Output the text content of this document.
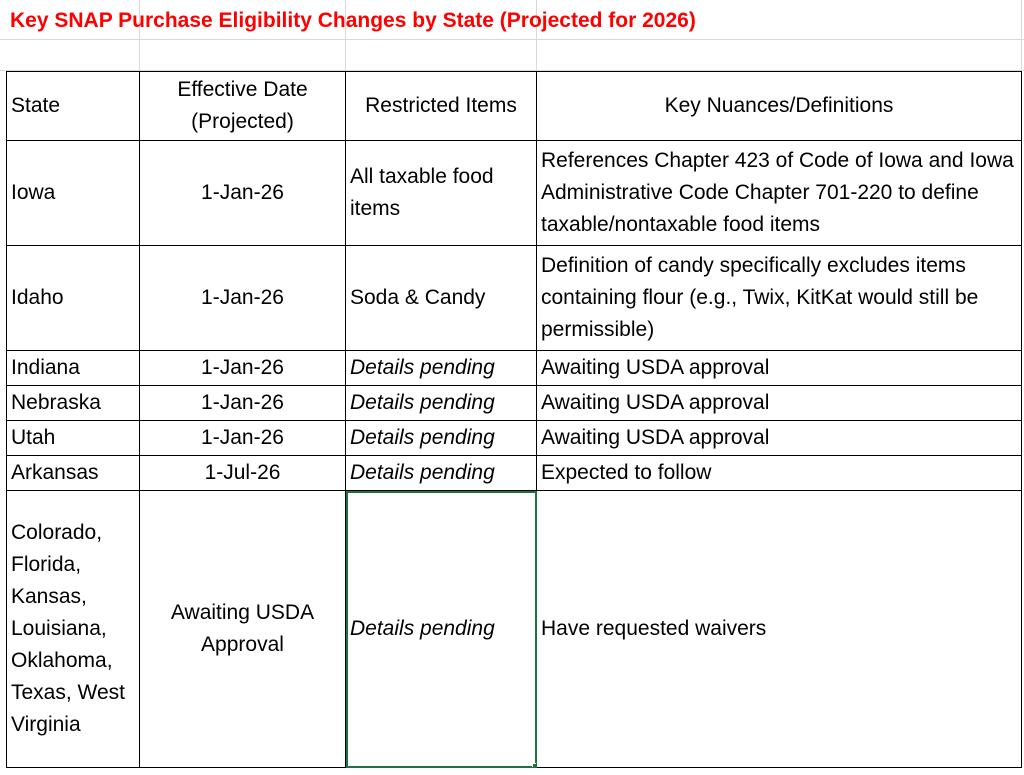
Key SNAP Purchase Eligibility Changes by State (Projected for 2026)
State	Effective Date (Projected)	Restricted Items	Key Nuances/Definitions
Iowa	1-Jan-26	All taxable food items	References Chapter 423 of Code of Iowa and Iowa Administrative Code Chapter 701-220 to define taxable/nontaxable food items
Idaho	1-Jan-26	Soda & Candy	Definition of candy specifically excludes items containing flour (e.g., Twix, KitKat would still be permissible)
Indiana	1-Jan-26	Details pending	Awaiting USDA approval
Nebraska	1-Jan-26	Details pending	Awaiting USDA approval
Utah	1-Jan-26	Details pending	Awaiting USDA approval
Arkansas	1-Jul-26	Details pending	Expected to follow
Colorado, Florida, Kansas, Louisiana, Oklahoma, Texas, West Virginia	Awaiting USDA Approval	Details pending	Have requested waivers
